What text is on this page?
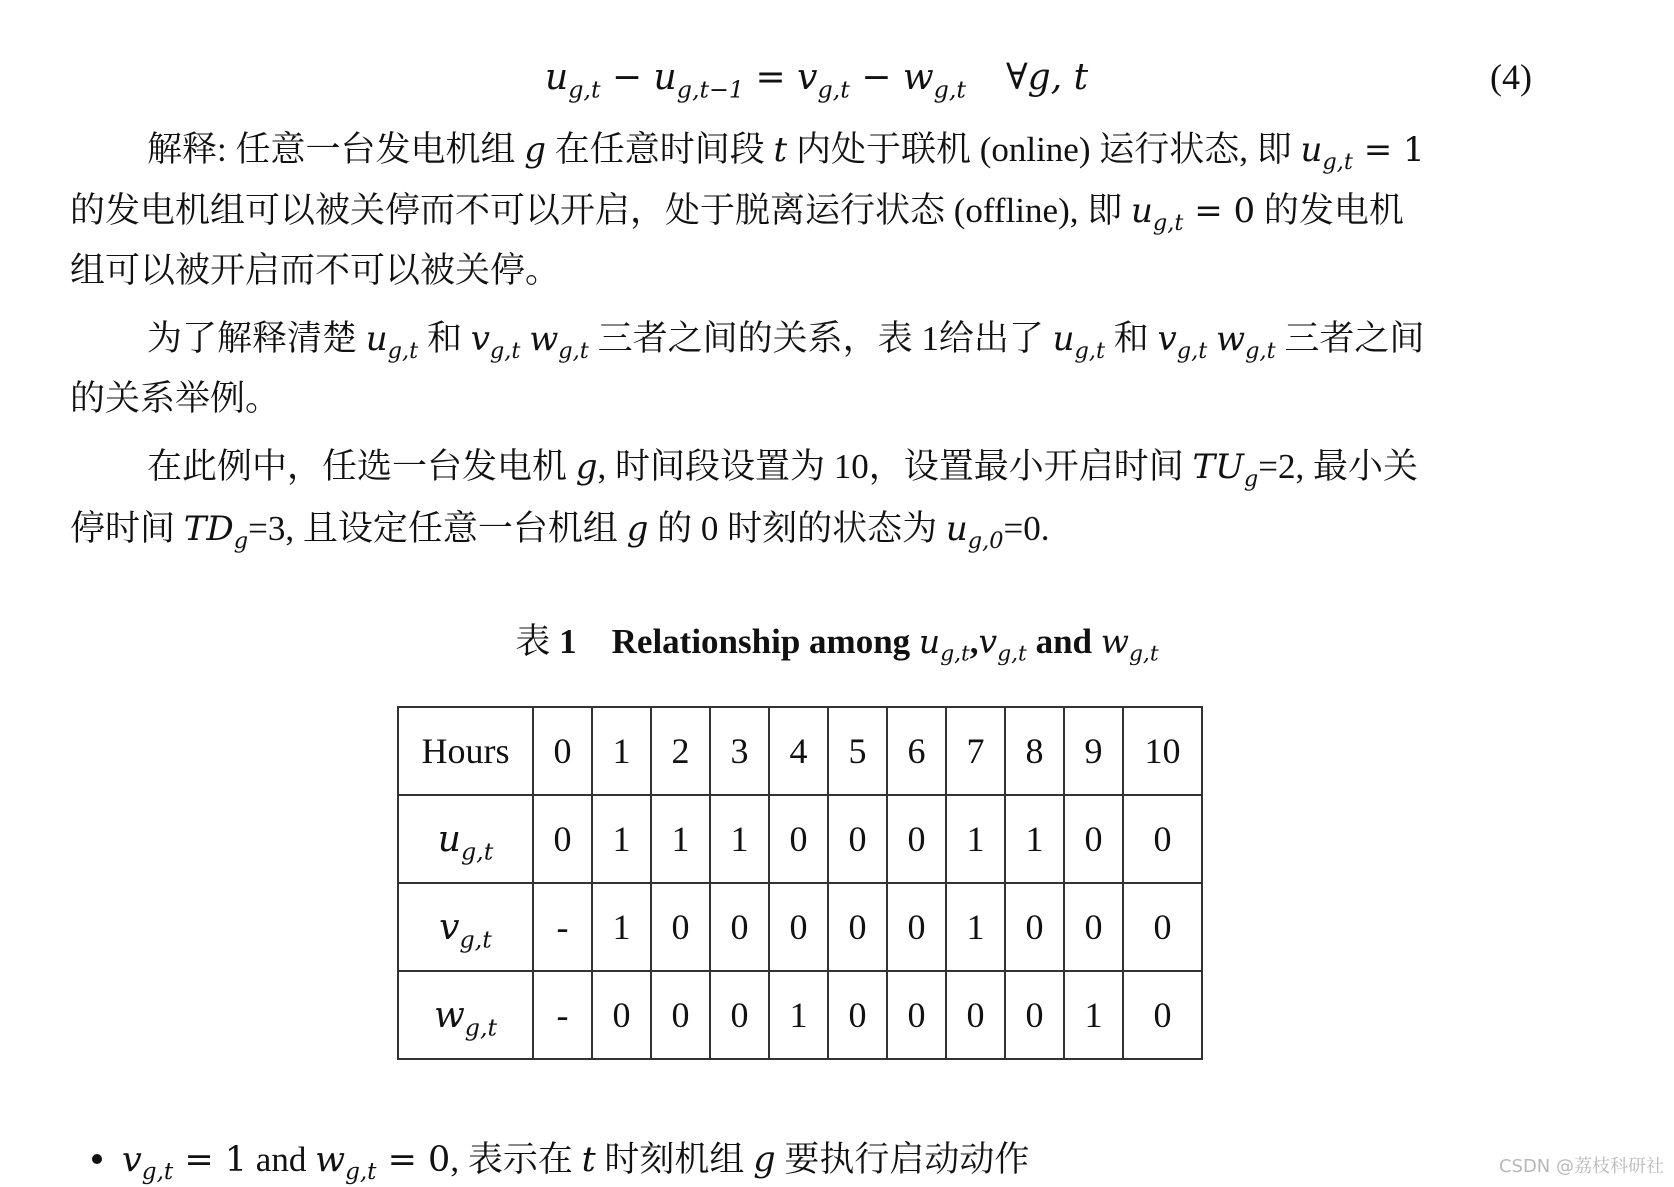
$u_{g,t} - u_{g,t-1} = v_{g,t} - w_{g,t}$ ∀g, t	(4)
解释: 任意一台发电机组 g 在任意时间段 t 内处于联机 (online) 运行状态, 即 $u_{g,t} = 1$
的发电机组可以被关停而不可以开启，处于脱离运行状态 (offline), 即 $u_{g,t} = 0$ 的发电机
组可以被开启而不可以被关停。
为了解释清楚 $u_{g,t}$ 和 $v_{g,t}$ $w_{g,t}$ 三者之间的关系，表 1给出了 $u_{g,t}$ 和 $v_{g,t}$ $w_{g,t}$ 三者之间
的关系举例。
在此例中，任选一台发电机 g, 时间段设置为 10，设置最小开启时间 $TU_g=2$, 最小关
停时间 $TD_g=3$, 且设定任意一台机组 g 的 0 时刻的状态为 $u_{g,0}=0$.
表 1    Relationship among $u_{g,t},v_{g,t}$ and $w_{g,t}$
Hours	0	1	2	3	4	5	6	7	8	9	10
$u_{g,t}$	0	1	1	1	0	0	0	1	1	0	0
$v_{g,t}$	-	1	0	0	0	0	0	1	0	0	0
$w_{g,t}$	-	0	0	0	1	0	0	0	0	1	0
$v_{g,t} = 1$ and $w_{g,t} = 0$, 表示在 t 时刻机组 g 要执行启动动作	CSDN @荔枝科研社
